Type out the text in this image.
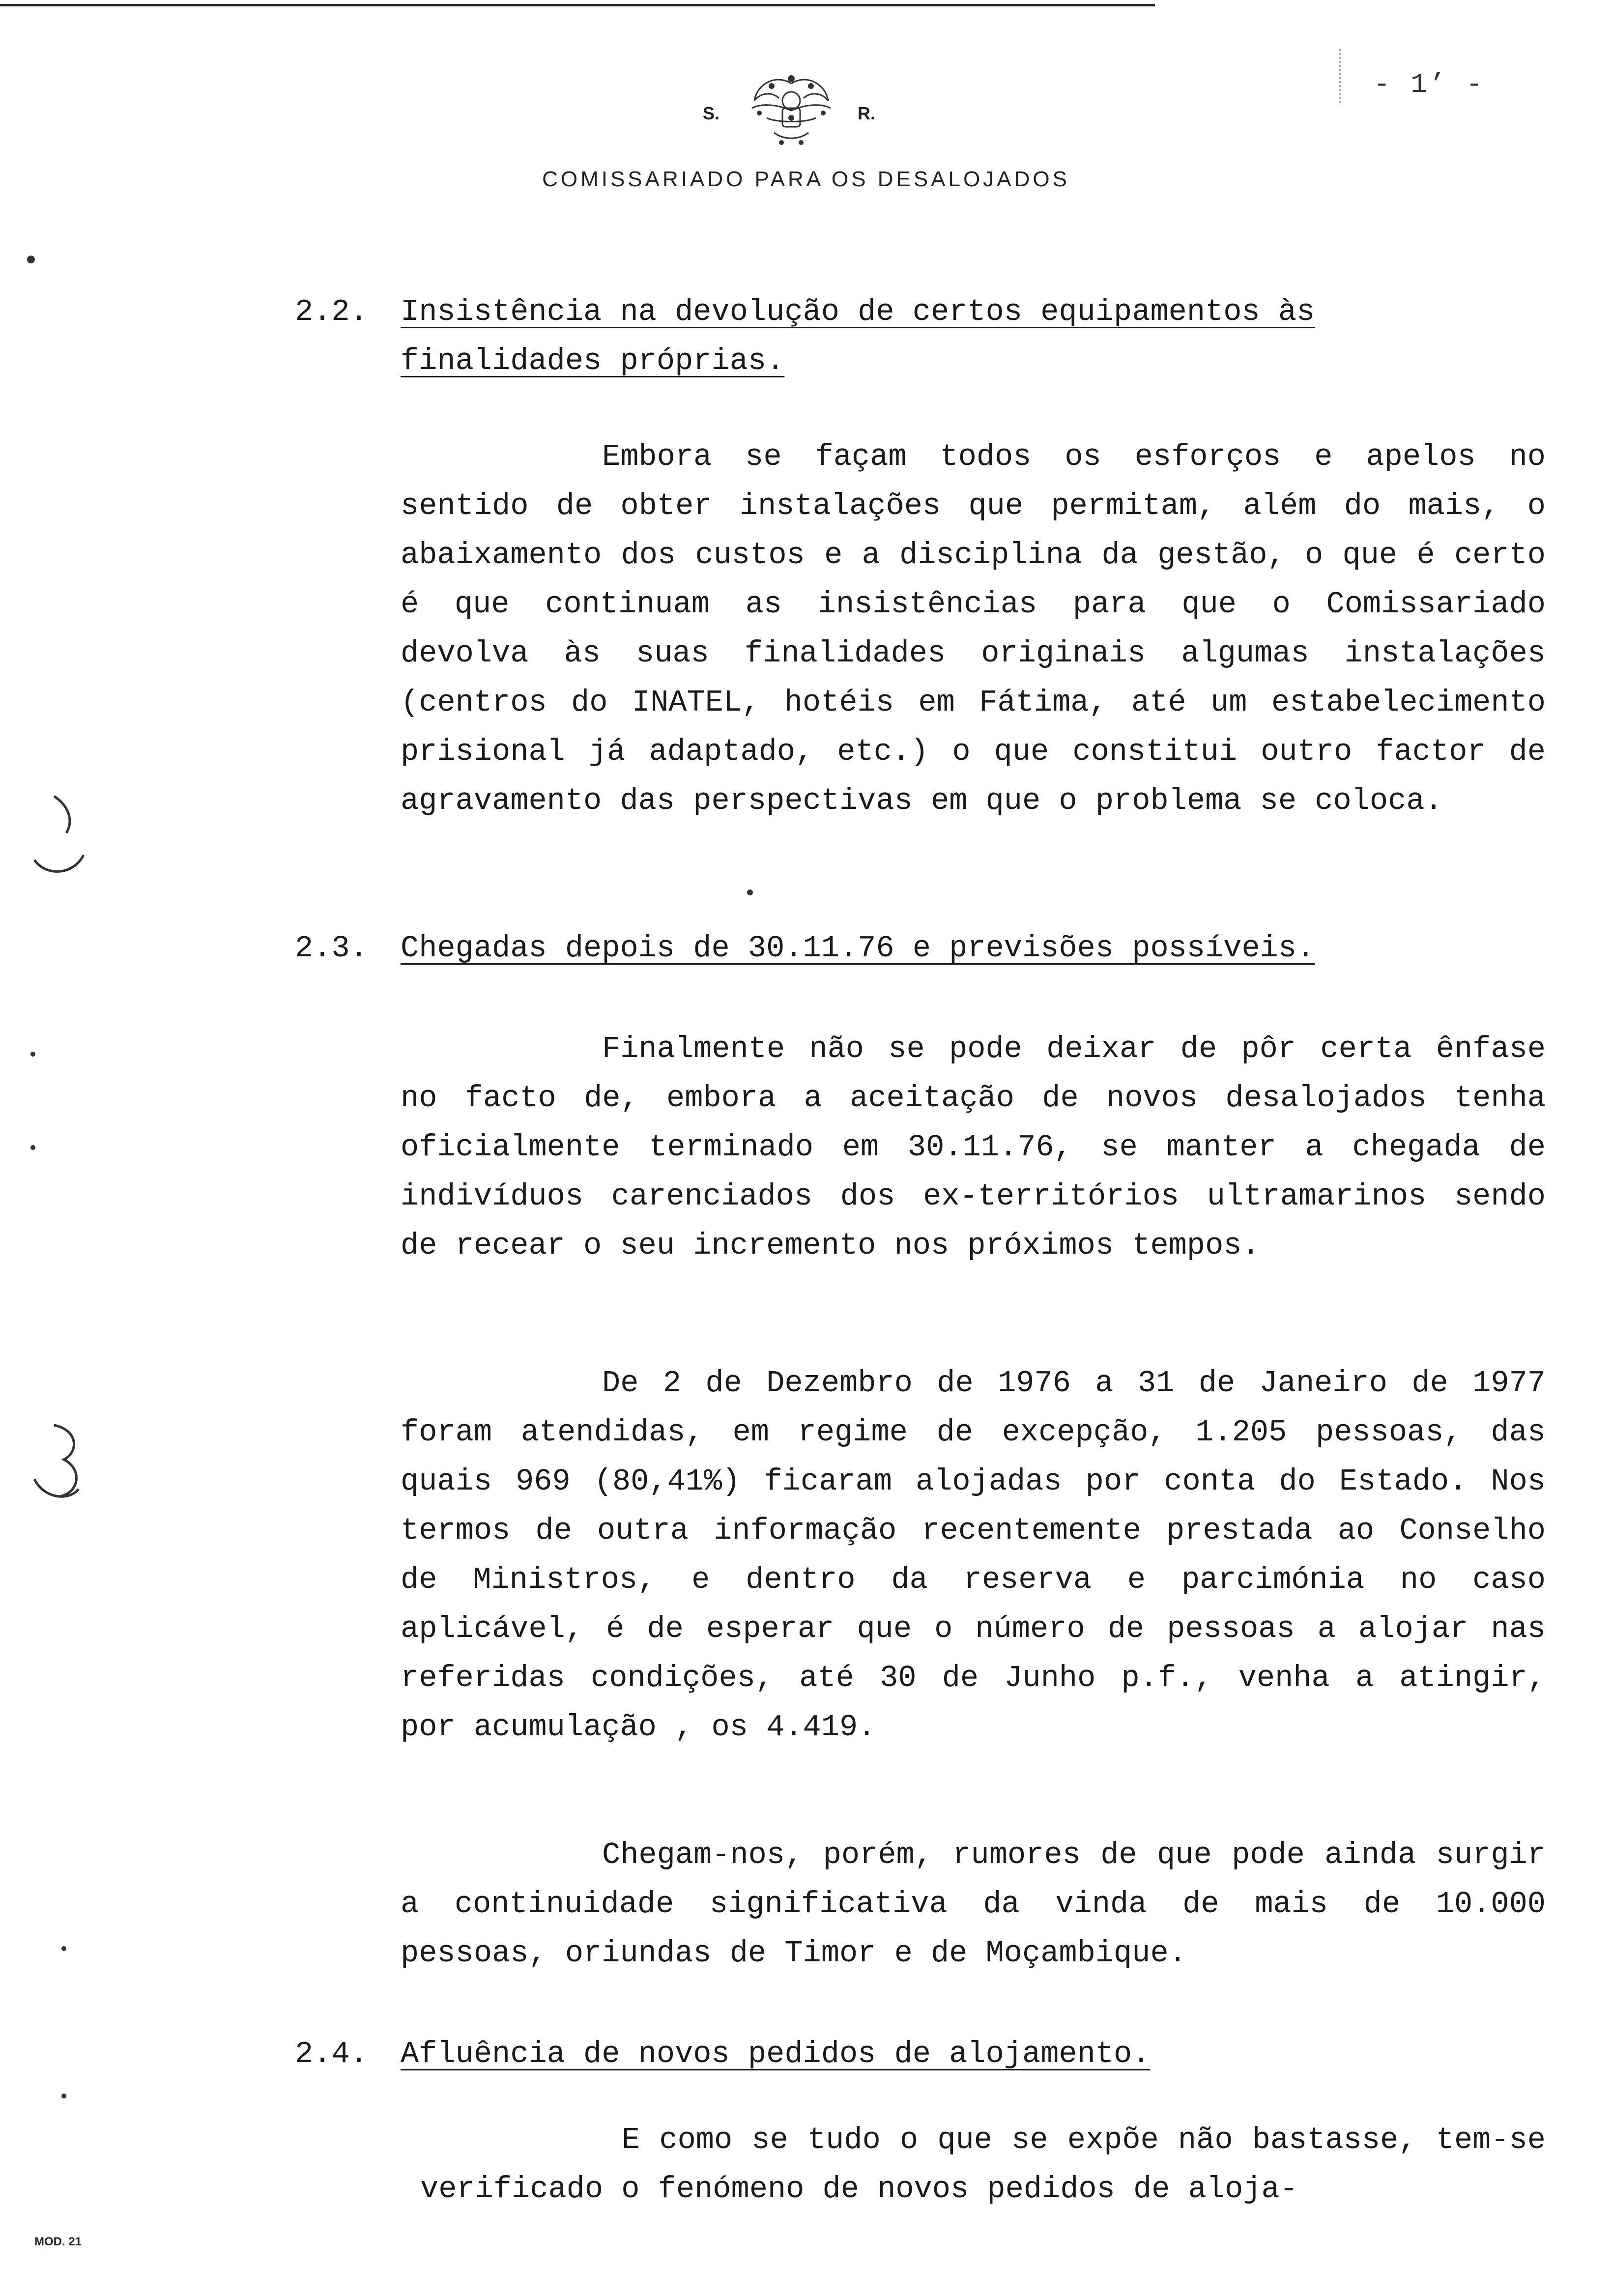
- 1’ -
S.	R.
COMISSARIADO PARA OS DESALOJADOS
2.2. Insistência na devolução de certos equipamentos às finalidades próprias.

Embora se façam todos os esforços e apelos no sentido de obter instalações que permitam, além do mais, o abaixamento dos custos e a disciplina da gestão, o que é certo é que continuam as insistências para que o Comissariado devolva às suas finalidades originais algumas instalações (centros do INATEL, hotéis em Fátima, até um estabelecimento prisional já adaptado, etc.) o que constitui outro factor de agravamento das perspectivas em que o problema se coloca.

2.3. Chegadas depois de 30.11.76 e previsões possíveis.

Finalmente não se pode deixar de pôr certa ênfase no facto de, embora a aceitação de novos desalojados tenha oficialmente terminado em 30.11.76, se manter a chegada de indivíduos carenciados dos ex-territórios ultramarinos sendo de recear o seu incremento nos próximos tempos.

De 2 de Dezembro de 1976 a 31 de Janeiro de 1977 foram atendidas, em regime de excepção, 1.205 pessoas, das quais 969 (80,41%) ficaram alojadas por conta do Estado. Nos termos de outra informação recentemente prestada ao Conselho de Ministros, e dentro da reserva e parcimónia no caso aplicável, é de esperar que o número de pessoas a alojar nas referidas condições, até 30 de Junho p.f., venha a atingir, por acumulação , os 4.419.

Chegam-nos, porém, rumores de que pode ainda surgir a continuidade significativa da vinda de mais de 10.000 pessoas, oriundas de Timor e de Moçambique.

2.4. Afluência de novos pedidos de alojamento.

E como se tudo o que se expõe não bastasse, tem-se verificado o fenómeno de novos pedidos de aloja-

MOD. 21
